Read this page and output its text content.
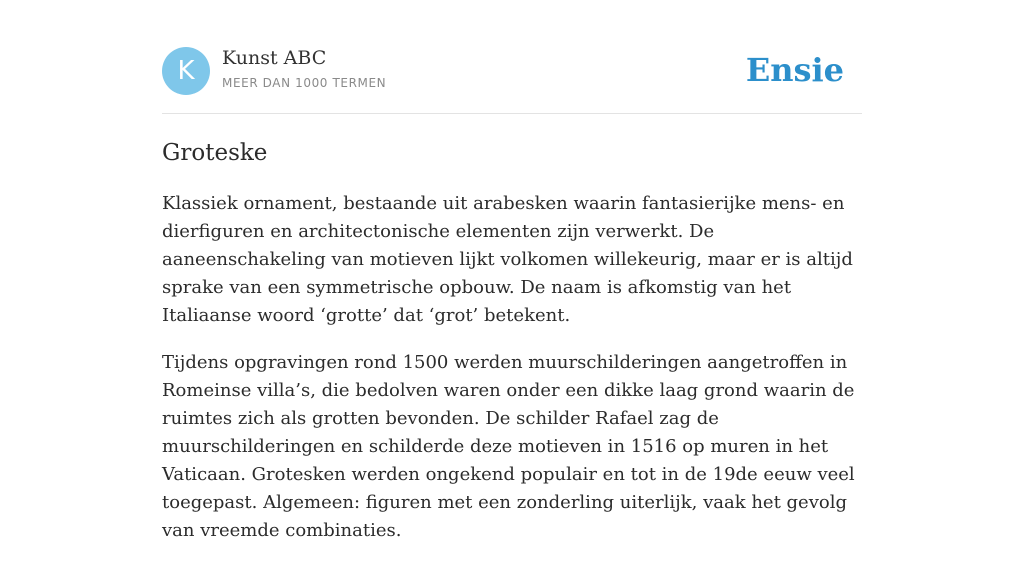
K	Kunst ABC
MEER DAN 1000 TERMEN	Ensie
Groteske

Klassiek ornament, bestaande uit arabesken waarin fantasierijke mens- en dierfiguren en architectonische elementen zijn verwerkt. De aaneenschakeling van motieven lijkt volkomen willekeurig, maar er is altijd sprake van een symmetrische opbouw. De naam is afkomstig van het Italiaanse woord ‘grotte’ dat ‘grot’ betekent.

Tijdens opgravingen rond 1500 werden muurschilderingen aangetroffen in Romeinse villa’s, die bedolven waren onder een dikke laag grond waarin de ruimtes zich als grotten bevonden. De schilder Rafael zag de muurschilderingen en schilderde deze motieven in 1516 op muren in het Vaticaan. Grotesken werden ongekend populair en tot in de 19de eeuw veel toegepast. Algemeen: figuren met een zonderling uiterlijk, vaak het gevolg van vreemde combinaties.
